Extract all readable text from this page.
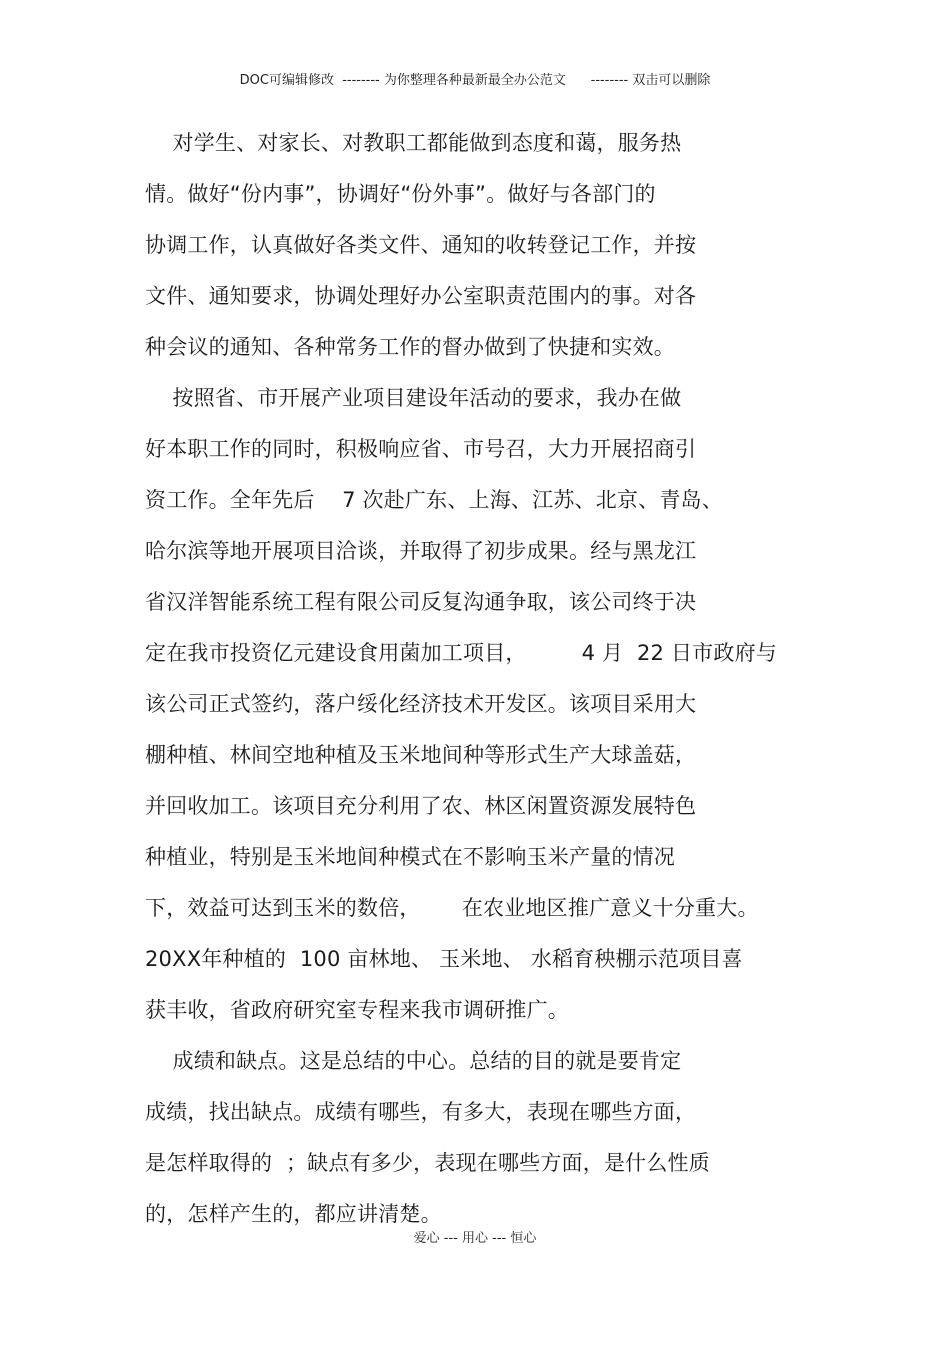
DOC可编辑修改  -------- 为你整理各种最新最全办公范文      -------- 双击可以删除
对学生、对家长、对教职工都能做到态度和蔼，服务热
情。做好“份内事”，协调好“份外事”。做好与各部门的
协调工作，认真做好各类文件、通知的收转登记工作，并按
文件、通知要求，协调处理好办公室职责范围内的事。对各
种会议的通知、各种常务工作的督办做到了快捷和实效。
按照省、市开展产业项目建设年活动的要求，我办在做
好本职工作的同时，积极响应省、市号召，大力开展招商引
资工作。全年先后    7 次赴广东、上海、江苏、北京、青岛、
哈尔滨等地开展项目洽谈，并取得了初步成果。经与黑龙江
省汉洋智能系统工程有限公司反复沟通争取，该公司终于决
定在我市投资亿元建设食用菌加工项目，        4 月  22 日市政府与
该公司正式签约，落户绥化经济技术开发区。该项目采用大
棚种植、林间空地种植及玉米地间种等形式生产大球盖菇，
并回收加工。该项目充分利用了农、林区闲置资源发展特色
种植业，特别是玉米地间种模式在不影响玉米产量的情况
下，效益可达到玉米的数倍，      在农业地区推广意义十分重大。
20XX年种植的  100 亩林地、 玉米地、 水稻育秧棚示范项目喜
获丰收，省政府研究室专程来我市调研推广。
成绩和缺点。这是总结的中心。总结的目的就是要肯定
成绩，找出缺点。成绩有哪些，有多大，表现在哪些方面，
是怎样取得的  ；缺点有多少，表现在哪些方面，是什么性质
的，怎样产生的，都应讲清楚。
爱心 --- 用心 --- 恒心
